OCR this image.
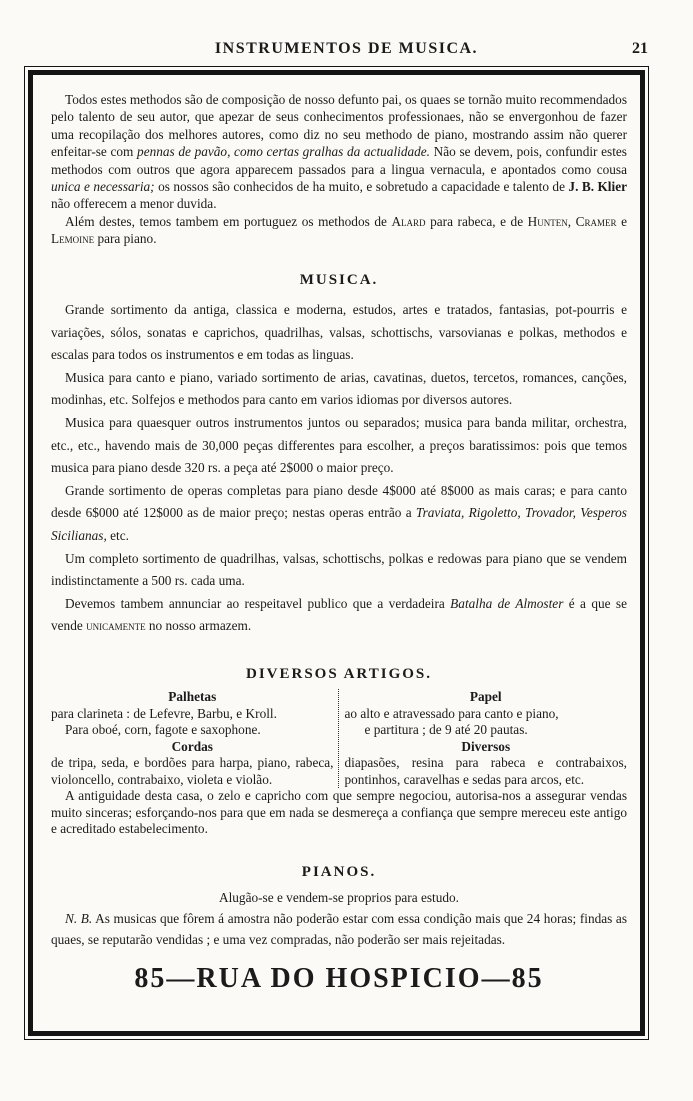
INSTRUMENTOS DE MUSICA.	21

Todos estes methodos são de composição de nosso defunto pai, os quaes se tornão muito recommendados pelo talento de seu autor, que apezar de seus conhecimentos professionaes, não se envergonhou de fazer uma recopilação dos melhores autores, como diz no seu methodo de piano, mostrando assim não querer enfeitar-se com pennas de pavão, como certas gralhas da actualidade. Não se devem, pois, confundir estes methodos com outros que agora apparecem passados para a lingua vernacula, e apontados como cousa unica e necessaria; os nossos são conhecidos de ha muito, e sobretudo a capacidade e talento de J. B. Klier não offerecem a menor duvida.

Além destes, temos tambem em portuguez os methodos de Alard para rabeca, e de Hunten, Cramer e Lemoine para piano.

MUSICA.

Grande sortimento da antiga, classica e moderna, estudos, artes e tratados, fantasias, pot-pourris e variações, sólos, sonatas e caprichos, quadrilhas, valsas, schottischs, varsovianas e polkas, methodos e escalas para todos os instrumentos e em todas as linguas.

Musica para canto e piano, variado sortimento de arias, cavatinas, duetos, tercetos, romances, canções, modinhas, etc. Solfejos e methodos para canto em varios idiomas por diversos autores.

Musica para quaesquer outros instrumentos juntos ou separados; musica para banda militar, orchestra, etc., etc., havendo mais de 30,000 peças differentes para escolher, a preços baratissimos: pois que temos musica para piano desde 320 rs. a peça até 2$000 o maior preço.

Grande sortimento de operas completas para piano desde 4$000 até 8$000 as mais caras; e para canto desde 6$000 até 12$000 as de maior preço; nestas operas entrão a Traviata, Rigoletto, Trovador, Vesperos Sicilianas, etc.

Um completo sortimento de quadrilhas, valsas, schottischs, polkas e redowas para piano que se vendem indistinctamente a 500 rs. cada uma.

Devemos tambem annunciar ao respeitavel publico que a verdadeira Batalha de Almoster é a que se vende unicamente no nosso armazem.

DIVERSOS ARTIGOS.
Palhetas

para clarineta : de Lefevre, Barbu, e Kroll.

Para oboé, corn, fagote e saxophone.

Cordas
de tripa, seda, e bordões para harpa, piano, rabeca, violoncello, contrabaixo, violeta e violão.
Papel

ao alto e atravessado para canto e piano,

e partitura ; de 9 até 20 pautas.

Diversos
diapasões, resina para rabeca e contrabaixos, pontinhos, caravelhas e sedas para arcos, etc.

A antiguidade desta casa, o zelo e capricho com que sempre negociou, autorisa-nos a assegurar vendas muito sinceras; esforçando-nos para que em nada se desmereça a confiança que sempre mereceu este antigo e acreditado estabelecimento.

PIANOS.

Alugão-se e vendem-se proprios para estudo.

N. B. As musicas que fôrem á amostra não poderão estar com essa condição mais que 24 horas; findas as quaes, se reputarão vendidas ; e uma vez compradas, não poderão ser mais rejeitadas.

85—RUA DO HOSPICIO—85
